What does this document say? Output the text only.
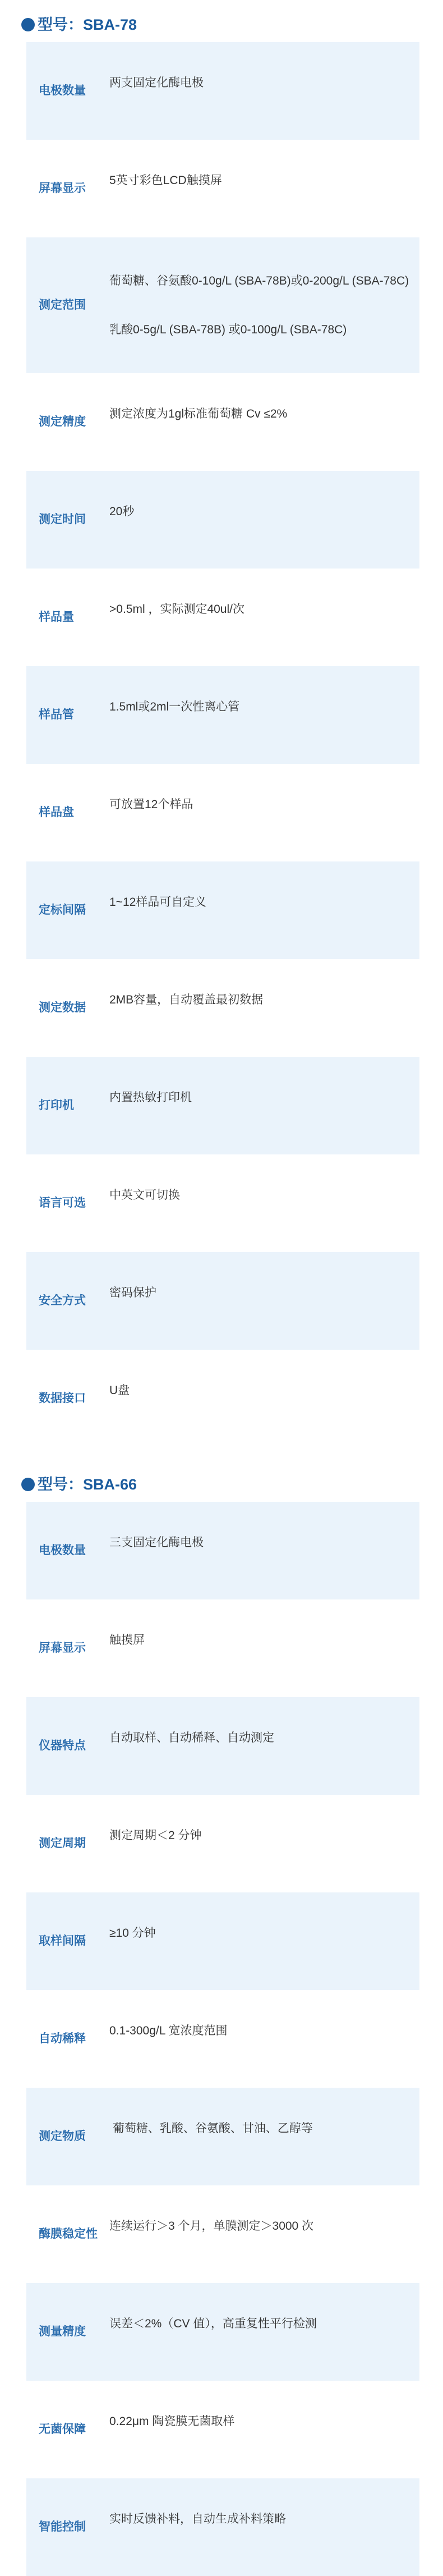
型号：SBA-78
电极数量

两支固定化酶电极

屏幕显示

5英寸彩色LCD触摸屏

测定范围

葡萄糖、谷氨酸0-10g/L (SBA-78B)或0-200g/L (SBA-78C)

乳酸0-5g/L (SBA-78B) 或0-100g/L (SBA-78C)

测定精度

测定浓度为1gl标准葡萄糖 Cv ≤2%

测定时间

20秒

样品量

>0.5ml ，实际测定40ul/次

样品管

1.5ml或2ml一次性离心管

样品盘

可放置12个样品

定标间隔

1~12样品可自定义

测定数据

2MB容量，自动覆盖最初数据

打印机

内置热敏打印机

语言可选

中英文可切换

安全方式

密码保护

数据接口

U盘

型号：SBA-66
电极数量

三支固定化酶电极

屏幕显示

触摸屏

仪器特点

自动取样、自动稀释、自动测定

测定周期

测定周期＜2 分钟

取样间隔

≥10 分钟

自动稀释

0.1-300g/L 宽浓度范围

测定物质

葡萄糖、乳酸、谷氨酸、甘油、乙醇等

酶膜稳定性

连续运行＞3 个月，单膜测定＞3000 次

测量精度

误差＜2%（CV 值），高重复性平行检测

无菌保障

0.22μm 陶瓷膜无菌取样

智能控制

实时反馈补料，自动生成补料策略
